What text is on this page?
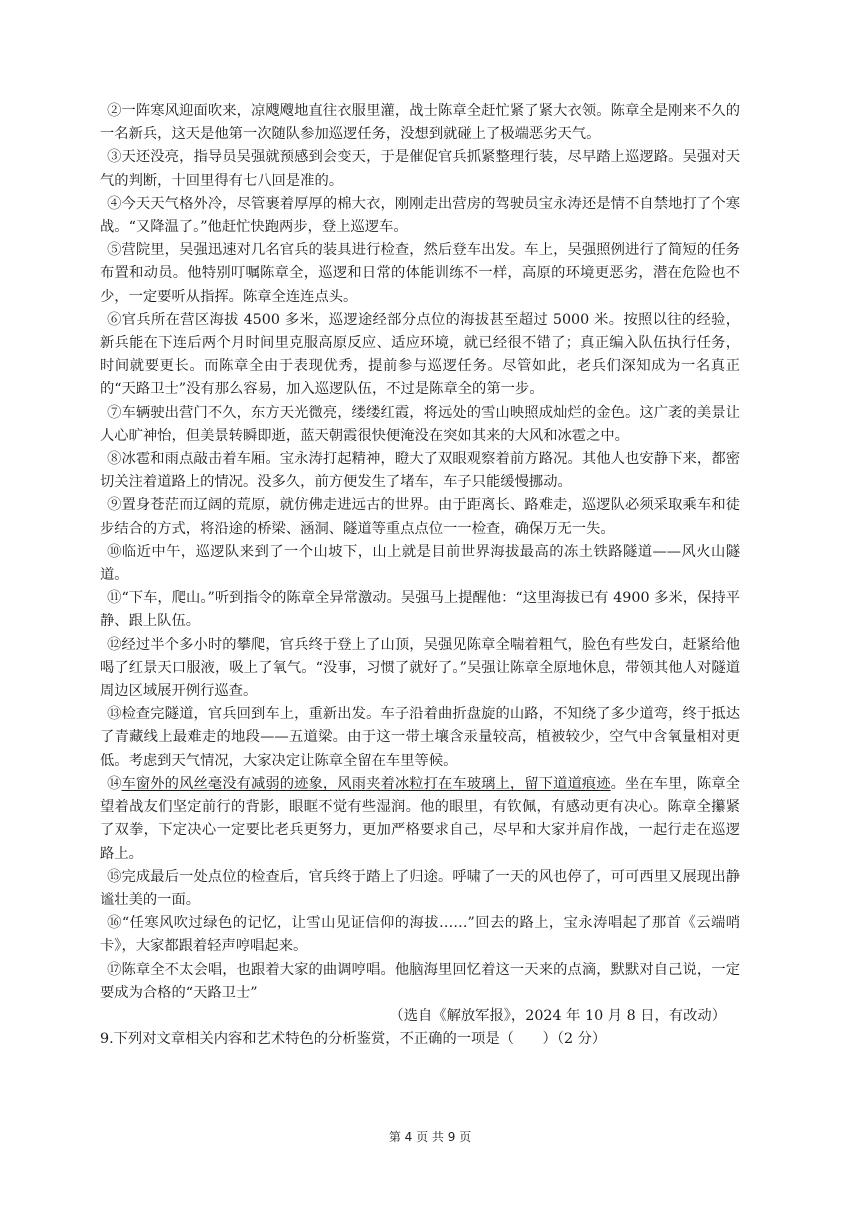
②一阵寒风迎面吹来，凉飕飕地直往衣服里灌，战士陈章全赶忙紧了紧大衣领。陈章全是刚来不久的一名新兵，这天是他第一次随队参加巡逻任务，没想到就碰上了极端恶劣天气。

③天还没亮，指导员吴强就预感到会变天，于是催促官兵抓紧整理行装，尽早踏上巡逻路。吴强对天气的判断，十回里得有七八回是准的。

④今天天气格外冷，尽管裹着厚厚的棉大衣，刚刚走出营房的驾驶员宝永涛还是情不自禁地打了个寒战。“又降温了。”他赶忙快跑两步，登上巡逻车。

⑤营院里，吴强迅速对几名官兵的装具进行检查，然后登车出发。车上，吴强照例进行了简短的任务布置和动员。他特别叮嘱陈章全，巡逻和日常的体能训练不一样，高原的环境更恶劣，潜在危险也不少，一定要听从指挥。陈章全连连点头。

⑥官兵所在营区海拔 4500 多米，巡逻途经部分点位的海拔甚至超过 5000 米。按照以往的经验，新兵能在下连后两个月时间里克服高原反应、适应环境，就已经很不错了；真正编入队伍执行任务，时间就要更长。而陈章全由于表现优秀，提前参与巡逻任务。尽管如此，老兵们深知成为一名真正的“天路卫士”没有那么容易，加入巡逻队伍，不过是陈章全的第一步。

⑦车辆驶出营门不久，东方天光微亮，缕缕红霞，将远处的雪山映照成灿烂的金色。这广袤的美景让人心旷神怡，但美景转瞬即逝，蓝天朝霞很快便淹没在突如其来的大风和冰雹之中。

⑧冰雹和雨点敲击着车厢。宝永涛打起精神，瞪大了双眼观察着前方路况。其他人也安静下来，都密切关注着道路上的情况。没多久，前方便发生了堵车，车子只能缓慢挪动。

⑨置身苍茫而辽阔的荒原，就仿佛走进远古的世界。由于距离长、路难走，巡逻队必须采取乘车和徒步结合的方式，将沿途的桥梁、涵洞、隧道等重点点位一一检查，确保万无一失。

⑩临近中午，巡逻队来到了一个山坡下，山上就是目前世界海拔最高的冻土铁路隧道——风火山隧道。

⑪“下车，爬山。”听到指令的陈章全异常激动。吴强马上提醒他：“这里海拔已有 4900 多米，保持平静、跟上队伍。

⑫经过半个多小时的攀爬，官兵终于登上了山顶，吴强见陈章全喘着粗气，脸色有些发白，赶紧给他喝了红景天口服液，吸上了氧气。“没事，习惯了就好了。”吴强让陈章全原地休息，带领其他人对隧道周边区域展开例行巡查。

⑬检查完隧道，官兵回到车上，重新出发。车子沿着曲折盘旋的山路，不知绕了多少道弯，终于抵达了青藏线上最难走的地段——五道梁。由于这一带土壤含汞量较高，植被较少，空气中含氧量相对更低。考虑到天气情况，大家决定让陈章全留在车里等候。

⑭车窗外的风丝毫没有减弱的迹象，风雨夹着冰粒打在车玻璃上，留下道道痕迹。坐在车里，陈章全望着战友们坚定前行的背影，眼眶不觉有些湿润。他的眼里，有钦佩，有感动更有决心。陈章全攥紧了双拳，下定决心一定要比老兵更努力，更加严格要求自己，尽早和大家并肩作战，一起行走在巡逻路上。

⑮完成最后一处点位的检查后，官兵终于踏上了归途。呼啸了一天的风也停了，可可西里又展现出静谧壮美的一面。

⑯“任寒风吹过绿色的记忆，让雪山见证信仰的海拔……”回去的路上，宝永涛唱起了那首《云端哨卡》，大家都跟着轻声哼唱起来。

⑰陈章全不太会唱，也跟着大家的曲调哼唱。他脑海里回忆着这一天来的点滴，默默对自己说，一定要成为合格的“天路卫士”

（选自《解放军报》，2024 年 10 月 8 日，有改动）

9.下列对文章相关内容和艺术特色的分析鉴赏，不正确的一项是（　　）（2 分）

第 4 页 共 9 页
